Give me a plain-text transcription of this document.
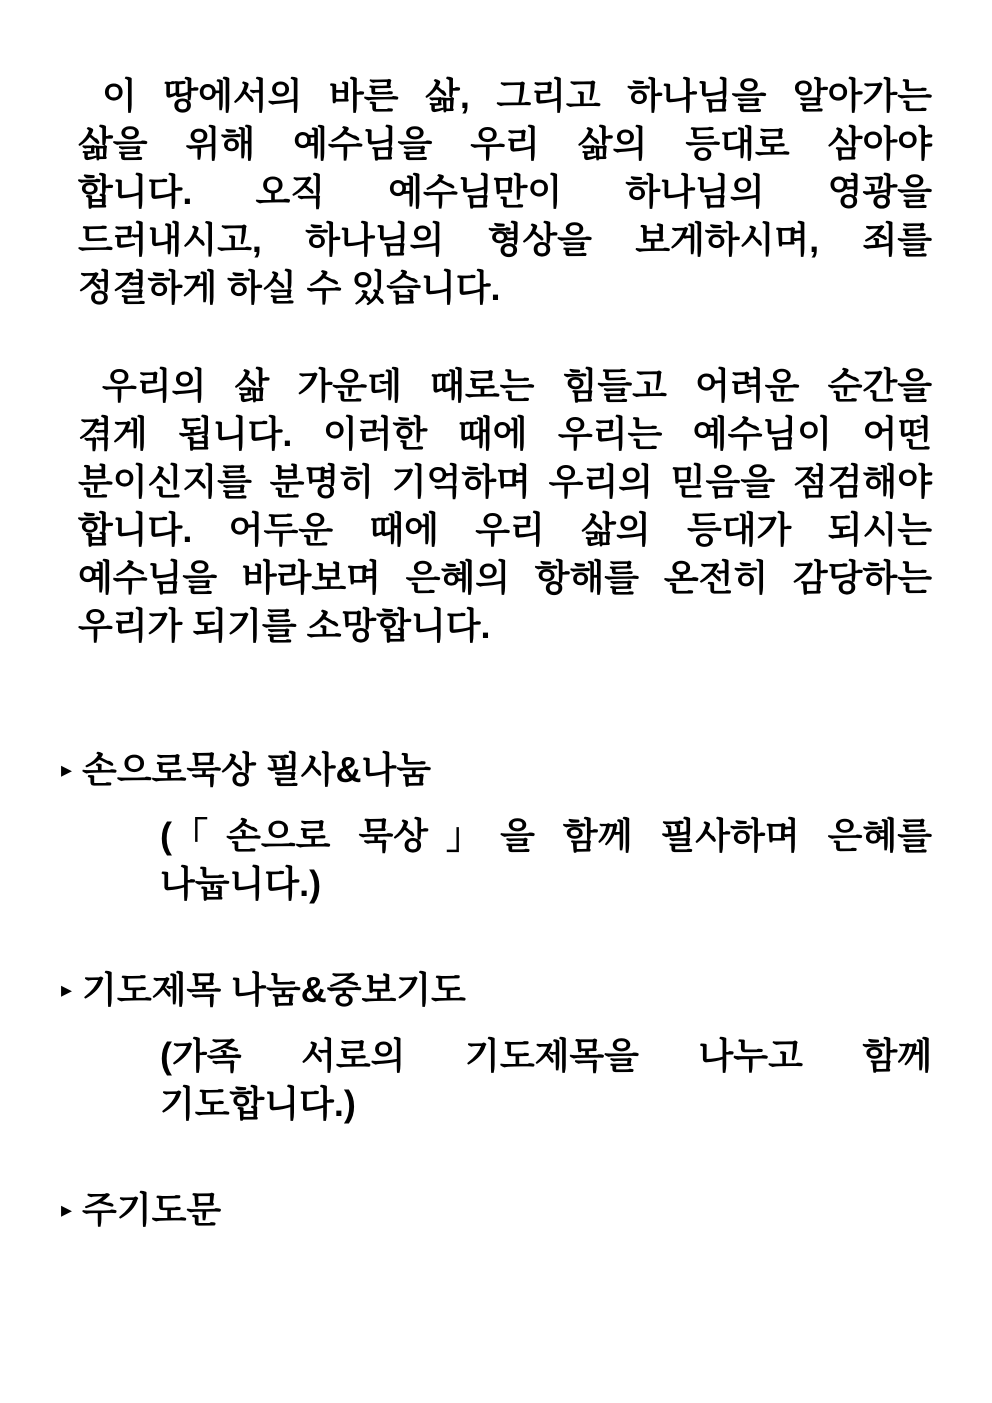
이 땅에서의 바른 삶, 그리고 하나님을 알아가는
삶을 위해 예수님을 우리 삶의 등대로 삼아야
합니다. 오직 예수님만이 하나님의 영광을
드러내시고, 하나님의 형상을 보게하시며, 죄를
정결하게 하실 수 있습니다.
우리의 삶 가운데 때로는 힘들고 어려운 순간을
겪게 됩니다. 이러한 때에 우리는 예수님이 어떤
분이신지를 분명히 기억하며 우리의 믿음을 점검해야
합니다. 어두운 때에 우리 삶의 등대가 되시는
예수님을 바라보며 은혜의 항해를 온전히 감당하는
우리가 되기를 소망합니다.
▸ 손으로묵상 필사&나눔
(「손으로 묵상」을 함께 필사하며 은혜를 나눕니다.)
▸ 기도제목 나눔&중보기도
(가족 서로의 기도제목을 나누고 함께 기도합니다.)
▸ 주기도문
